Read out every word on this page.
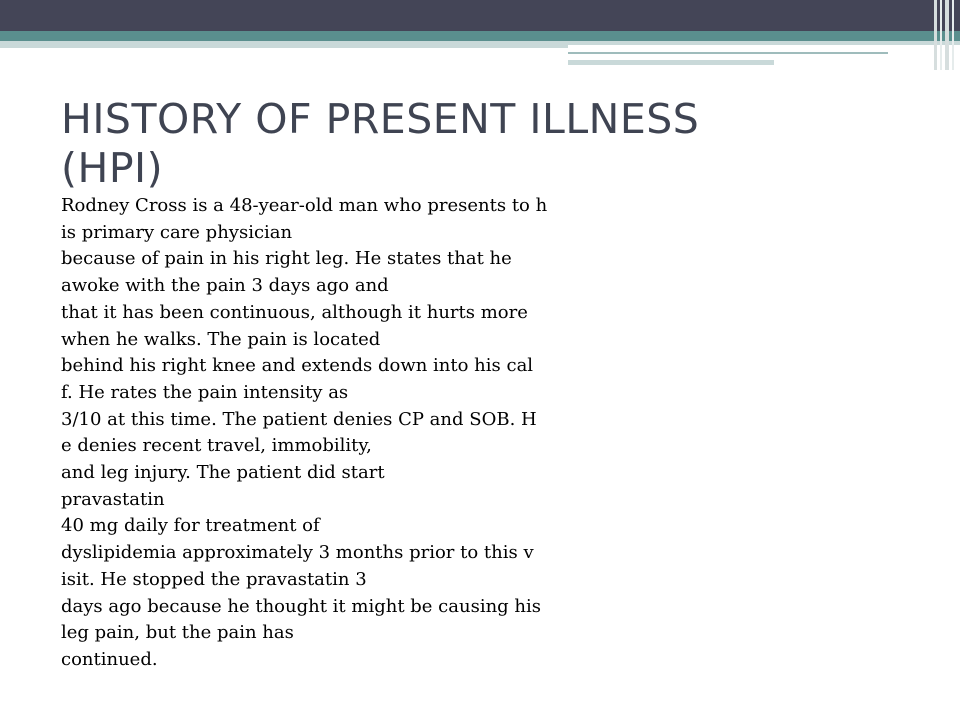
HISTORY OF PRESENT ILLNESS
(HPI)
Rodney Cross is a 48-year-old man who presents to h
is primary care physician
because of pain in his right leg. He states that he
awoke with the pain 3 days ago and
that it has been continuous, although it hurts more
when he walks. The pain is located
behind his right knee and extends down into his cal
f. He rates the pain intensity as
3/10 at this time. The patient denies CP and SOB. H
e denies recent travel, immobility,
and leg injury. The patient did start
pravastatin
40 mg daily for treatment of
dyslipidemia approximately 3 months prior to this v
isit. He stopped the pravastatin 3
days ago because he thought it might be causing his
leg pain, but the pain has
continued.
